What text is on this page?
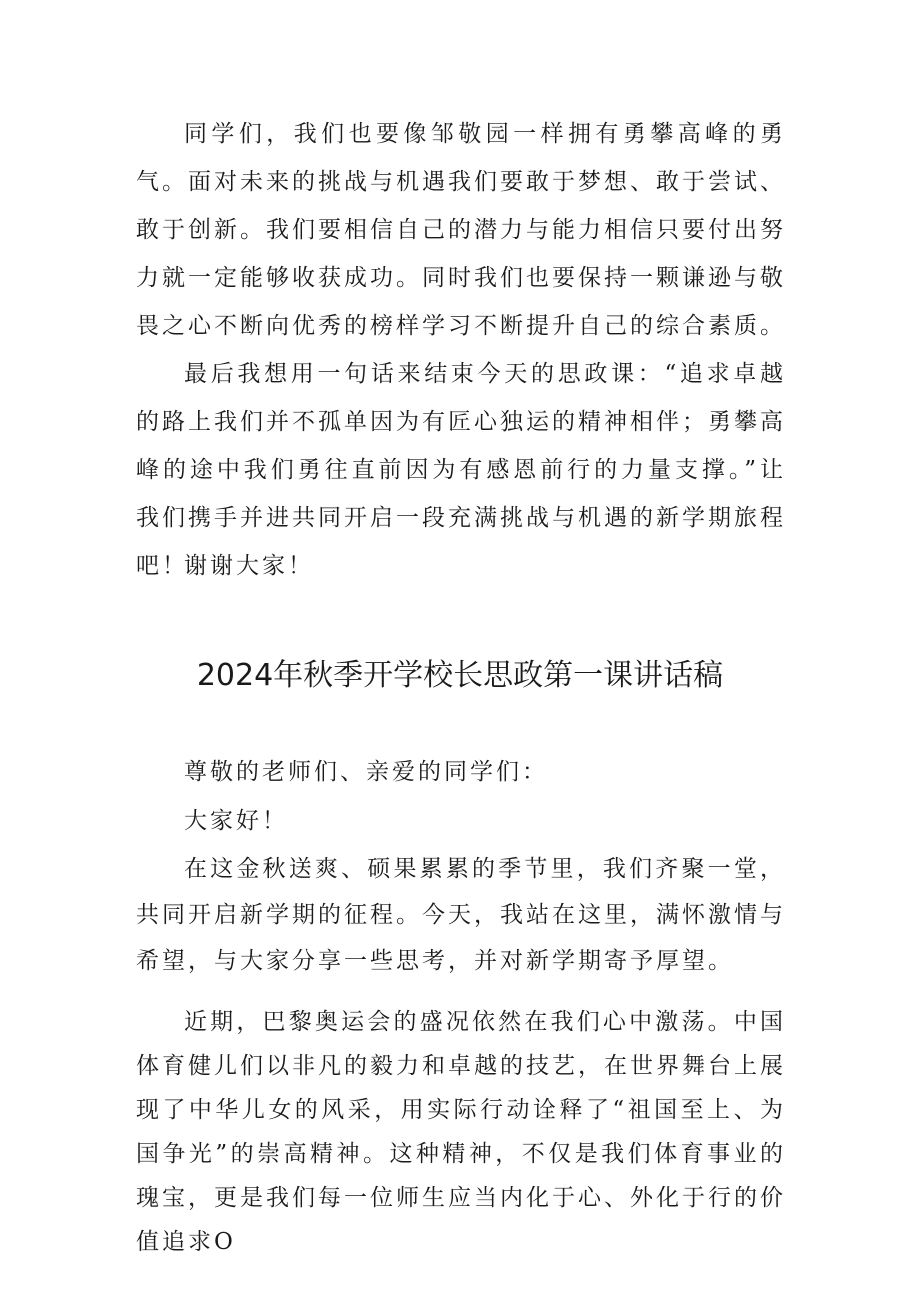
同学们，我们也要像邹敬园一样拥有勇攀高峰的勇气。面对未来的挑战与机遇我们要敢于梦想、敢于尝试、敢于创新。我们要相信自己的潜力与能力相信只要付出努力就一定能够收获成功。同时我们也要保持一颗谦逊与敬畏之心不断向优秀的榜样学习不断提升自己的综合素质。

最后我想用一句话来结束今天的思政课：“追求卓越的路上我们并不孤单因为有匠心独运的精神相伴；勇攀高峰的途中我们勇往直前因为有感恩前行的力量支撑。”让我们携手并进共同开启一段充满挑战与机遇的新学期旅程吧！

谢谢大家！

2024年秋季开学校长思政第一课讲话稿

尊敬的老师们、亲爱的同学们：

大家好！

在这金秋送爽、硕果累累的季节里，我们齐聚一堂，共同开启新学期的征程。今天，我站在这里，满怀激情与希望，与大家分享一些思考，并对新学期寄予厚望。

近期，巴黎奥运会的盛况依然在我们心中激荡。中国体育健儿们以非凡的毅力和卓越的技艺，在世界舞台上展现了中华儿女的风采，用实际行动诠释了“祖国至上、为国争光”的崇高精神。这种精神，不仅是我们体育事业的瑰宝，更是我们每一位师生应当内化于心、外化于行的价值追求O
